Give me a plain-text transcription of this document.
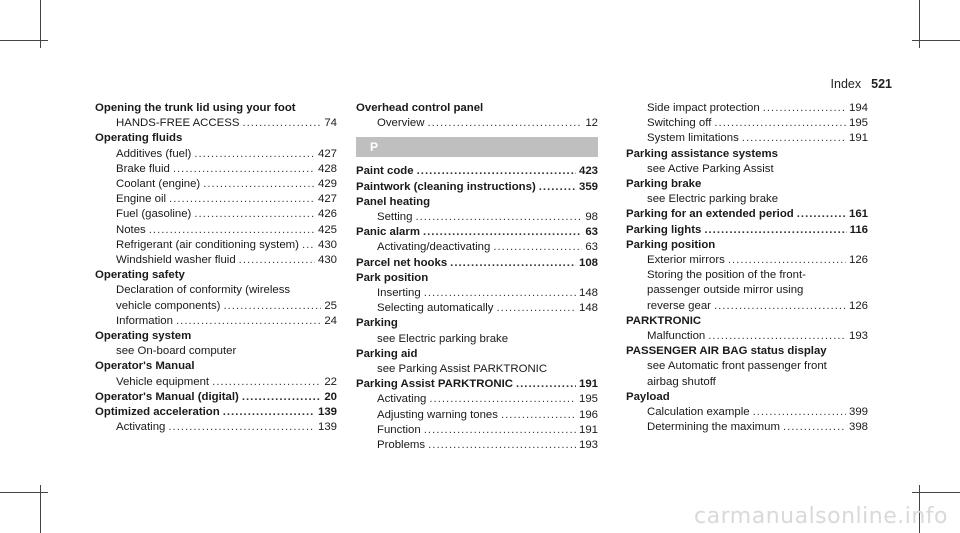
Index 521
Opening the trunk lid using your foot
HANDS-FREE ACCESS .....	74
Operating fluids
Additives (fuel) .....	427
Brake fluid .....	428
Coolant (engine) .....	429
Engine oil .....	427
Fuel (gasoline) .....	426
Notes .....	425
Refrigerant (air conditioning system) ..... 430
Windshield washer fluid .....	430
Operating safety
Declaration of conformity (wireless
vehicle components) .....	25
Information .....	24
Operating system
see On-board computer
Operator's Manual
Vehicle equipment .....	22
Operator's Manual (digital) .....	20
Optimized acceleration .....	139
Activating .....	139
Overhead control panel
Overview .....	12
P
Paint code .....	423
Paintwork (cleaning instructions) .....	359
Panel heating
Setting .....	98
Panic alarm .....	63
Activating/deactivating .....	63
Parcel net hooks .....	108
Park position
Inserting .....	148
Selecting automatically .....	148
Parking
see Electric parking brake
Parking aid
see Parking Assist PARKTRONIC
Parking Assist PARKTRONIC .....	191
Activating .....	195
Adjusting warning tones .....	196
Function .....	191
Problems .....	193
Side impact protection .....	194
Switching off .....	195
System limitations .....	191
Parking assistance systems
see Active Parking Assist
Parking brake
see Electric parking brake
Parking for an extended period .....	161
Parking lights .....	116
Parking position
Exterior mirrors .....	126
Storing the position of the front-
passenger outside mirror using
reverse gear .....	126
PARKTRONIC
Malfunction .....	193
PASSENGER AIR BAG status display
see Automatic front passenger front
airbag shutoff
Payload
Calculation example .....	399
Determining the maximum .....	398
carmanualsonline.info
